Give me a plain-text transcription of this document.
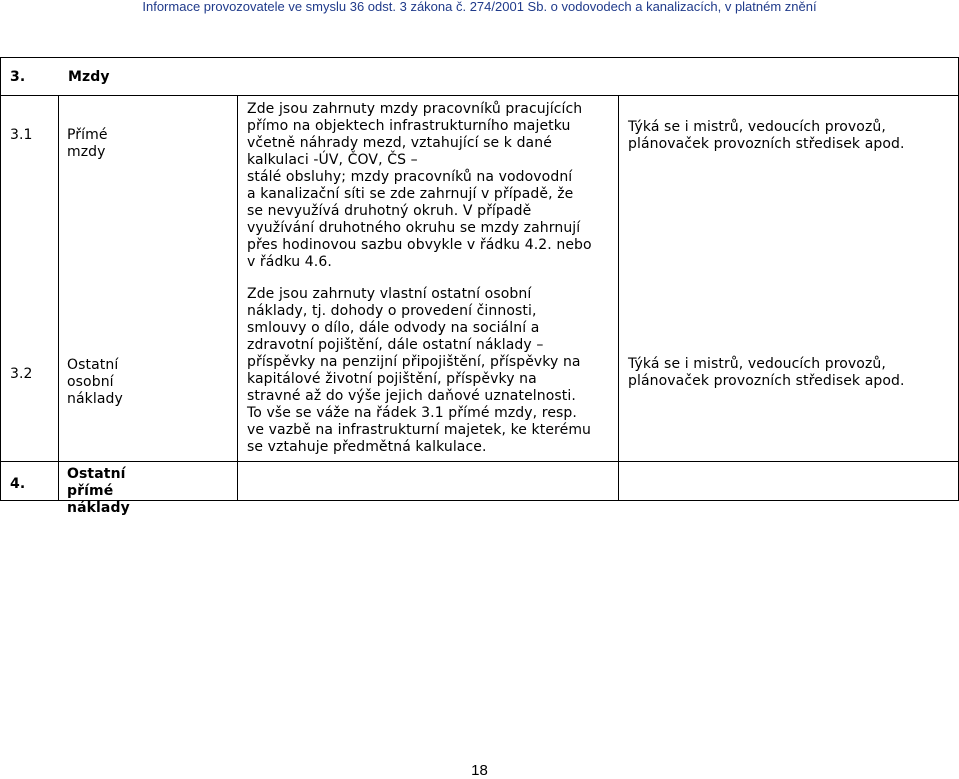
Informace provozovatele ve smyslu 36 odst. 3 zákona č. 274/2001 Sb. o vodovodech a kanalizacích, v platném znění
3.	Mzdy
3.1 Přímé mzdy
Zde jsou zahrnuty mzdy pracovníků pracujících
přímo na objektech infrastrukturního majetku
včetně náhrady mezd, vztahující se k dané
kalkulaci -ÚV, ČOV, ČS –
stálé obsluhy; mzdy pracovníků na vodovodní
a kanalizační síti se zde zahrnují v případě, že
se nevyužívá druhotný okruh. V případě
využívání druhotného okruhu se mzdy zahrnují
přes hodinovou sazbu obvykle v řádku 4.2. nebo
v řádku 4.6.
Týká se i mistrů, vedoucích provozů,
plánovaček provozních středisek apod.
3.2
Ostatní osobní
náklady
Zde jsou zahrnuty vlastní ostatní osobní
náklady, tj. dohody o provedení činnosti,
smlouvy o dílo, dále odvody na sociální a
zdravotní pojištění, dále ostatní náklady –
příspěvky na penzijní připojištění, příspěvky na
kapitálové životní pojištění, příspěvky na
stravné až do výše jejich daňové uznatelnosti.
To vše se váže na řádek 3.1 přímé mzdy, resp.
ve vazbě na infrastrukturní majetek, ke kterému
se vztahuje předmětná kalkulace.
Týká se i mistrů, vedoucích provozů,
plánovaček provozních středisek apod.
4.
Ostatní přímé
náklady
18
